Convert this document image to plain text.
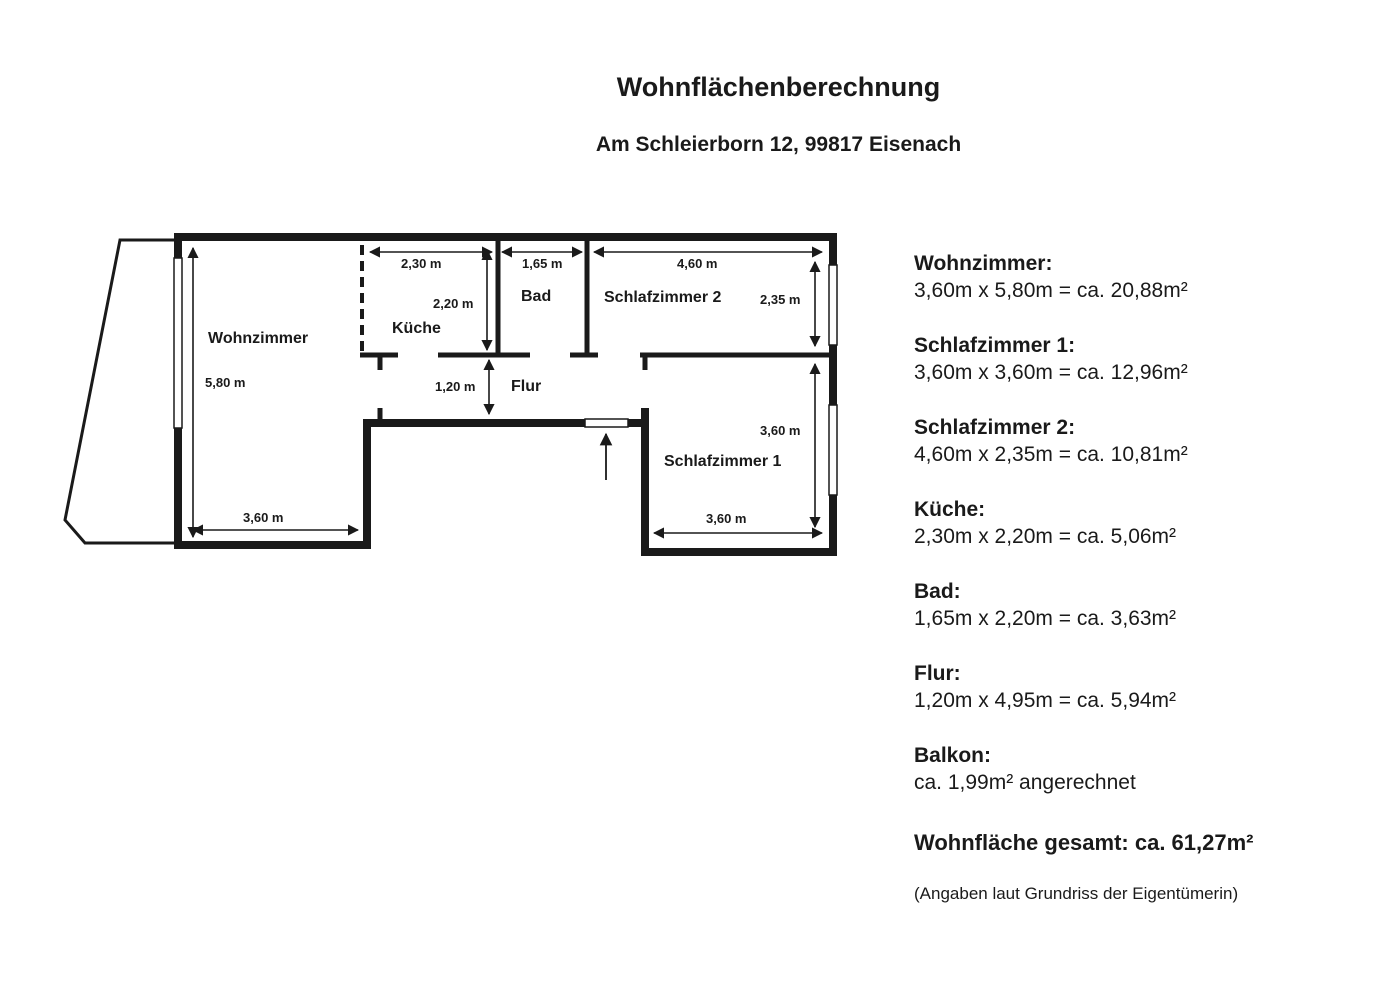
Wohnflächenberechnung
Am Schleierborn 12, 99817 Eisenach
Wohnzimmer
Küche
Bad	Schlafzimmer 2
Flur
Schlafzimmer 1
2,30 m
2,20 m
1,65 m	4,60 m
2,35 m
5,80 m
3,60 m
1,20 m
3,60 m
3,60 m
Wohnzimmer:
3,60m x 5,80m = ca. 20,88m²
Schlafzimmer 1:
3,60m x 3,60m = ca. 12,96m²
Schlafzimmer 2:
4,60m x 2,35m = ca. 10,81m²
Küche:
2,30m x 2,20m = ca. 5,06m²
Bad:
1,65m x 2,20m = ca. 3,63m²
Flur:
1,20m x 4,95m = ca. 5,94m²
Balkon:
ca. 1,99m² angerechnet
Wohnfläche gesamt: ca. 61,27m²
(Angaben laut Grundriss der Eigentümerin)
